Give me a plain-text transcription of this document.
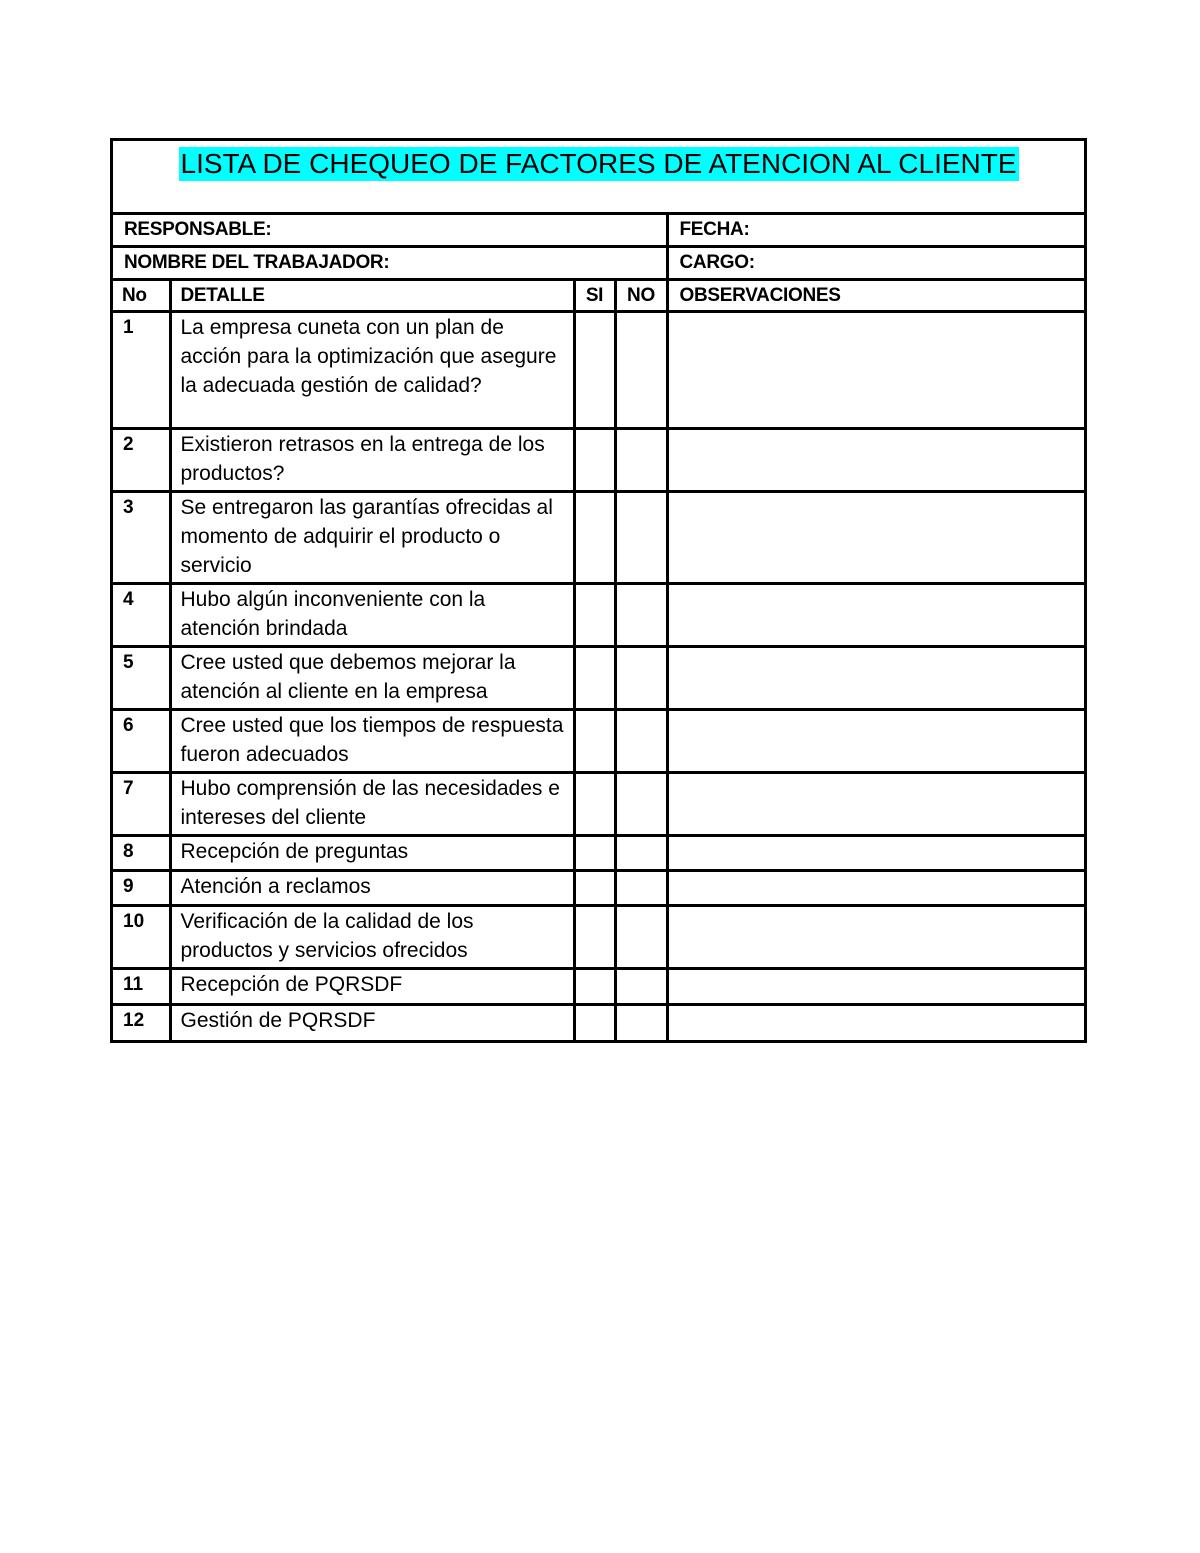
LISTA DE CHEQUEO DE FACTORES DE ATENCION AL CLIENTE				
RESPONSABLE:				FECHA:
NOMBRE DEL TRABAJADOR:				CARGO:
No	DETALLE	SI	NO	OBSERVACIONES
1	La empresa cuneta con un plan de acción para la optimización que asegure la adecuada gestión de calidad?			
2	Existieron retrasos en la entrega de los productos?			
3	Se entregaron las garantías ofrecidas al momento de adquirir el producto o servicio			
4	Hubo algún inconveniente con la atención brindada			
5	Cree usted que debemos mejorar la atención al cliente en la empresa			
6	Cree usted que los tiempos de respuesta fueron adecuados			
7	Hubo comprensión de las necesidades e intereses del cliente			
8	Recepción de preguntas			
9	Atención a reclamos			
10	Verificación de la calidad de los productos y servicios ofrecidos			
11	Recepción de PQRSDF			
12	Gestión de PQRSDF			
